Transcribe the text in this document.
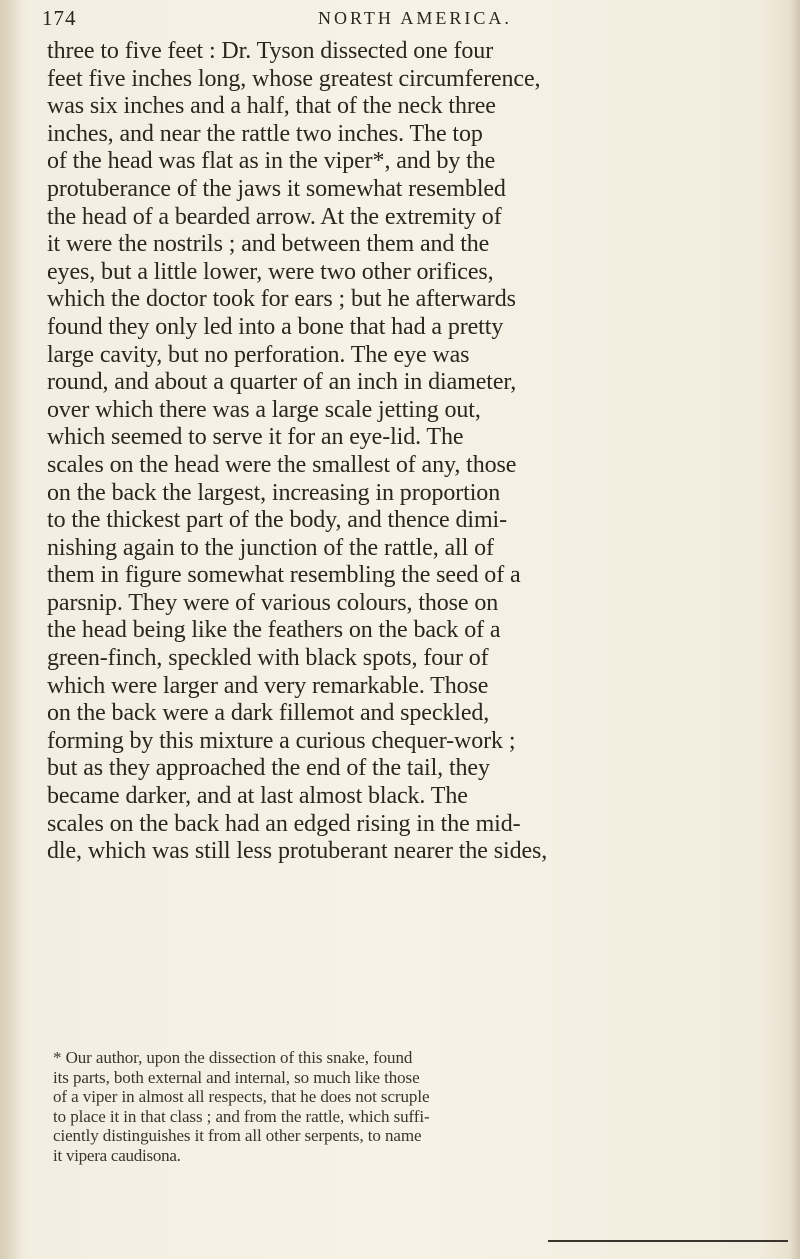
174	NORTH AMERICA.
three to five feet : Dr. Tyson dissected one four
feet five inches long, whose greatest circumference,
was six inches and a half, that of the neck three
inches, and near the rattle two inches. The top
of the head was flat as in the viper*, and by the
protuberance of the jaws it somewhat resembled
the head of a bearded arrow. At the extremity of
it were the nostrils ; and between them and the
eyes, but a little lower, were two other orifices,
which the doctor took for ears ; but he afterwards
found they only led into a bone that had a pretty
large cavity, but no perforation. The eye was
round, and about a quarter of an inch in diameter,
over which there was a large scale jetting out,
which seemed to serve it for an eye-lid. The
scales on the head were the smallest of any, those
on the back the largest, increasing in proportion
to the thickest part of the body, and thence dimi-
nishing again to the junction of the rattle, all of
them in figure somewhat resembling the seed of a
parsnip. They were of various colours, those on
the head being like the feathers on the back of a
green-finch, speckled with black spots, four of
which were larger and very remarkable. Those
on the back were a dark fillemot and speckled,
forming by this mixture a curious chequer-work ;
but as they approached the end of the tail, they
became darker, and at last almost black. The
scales on the back had an edged rising in the mid-
dle, which was still less protuberant nearer the sides,
* Our author, upon the dissection of this snake, found
its parts, both external and internal, so much like those
of a viper in almost all respects, that he does not scruple
to place it in that class ; and from the rattle, which suffi-
ciently distinguishes it from all other serpents, to name
it vipera caudisona.
